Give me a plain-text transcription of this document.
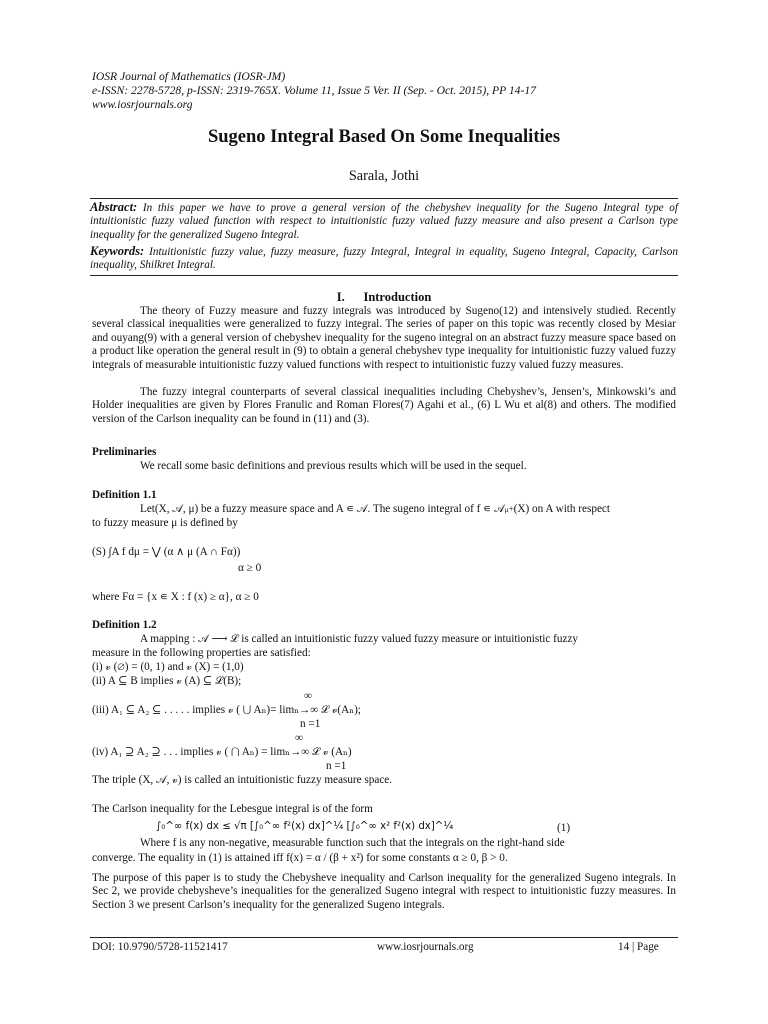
IOSR Journal of Mathematics (IOSR-JM)
e-ISSN: 2278-5728, p-ISSN: 2319-765X. Volume 11, Issue 5 Ver. II (Sep. - Oct. 2015), PP 14-17
www.iosrjournals.org
Sugeno Integral Based On Some Inequalities
Sarala, Jothi
Abstract: In this paper we have to prove a general version of the chebyshev inequality for the Sugeno Integral type of intuitionistic fuzzy valued function with respect to intuitionistic fuzzy valued fuzzy measure and also present a Carlson type inequality for the generalized Sugeno Integral.
Keywords: Intuitionistic fuzzy value, fuzzy measure, fuzzy Integral, Integral in equality, Sugeno Integral, Capacity, Carlson inequality, Shilkret Integral.
I. Introduction
The theory of Fuzzy measure and fuzzy integrals was introduced by Sugeno(12) and intensively studied. Recently several classical inequalities were generalized to fuzzy integral. The series of paper on this topic was recently closed by Mesiar and ouyang(9) with a general version of chebyshev inequality for the sugeno integral on an abstract fuzzy measure space based on a product like operation the general result in (9) to obtain a general chebyshev type inequality for intuitionistic fuzzy valued fuzzy integrals of measurable intuitionistic fuzzy valued functions with respect to intuitionistic fuzzy valued fuzzy measures.
The fuzzy integral counterparts of several classical inequalities including Chebyshev’s, Jensen’s, Minkowski’s and Holder inequalities are given by Flores Franulic and Roman Flores(7) Agahi et al., (6) L Wu et al(8) and others. The modified version of the Carlson inequality can be found in (11) and (3).
Preliminaries
We recall some basic definitions and previous results which will be used in the sequel.
Definition 1.1
Let(X, 𝒜, μ) be a fuzzy measure space and A ∊ 𝒜. The sugeno integral of f ∊ 𝒜$^\mu$+(X) on A with respect
to fuzzy measure μ is defined by
(S) ∫A f dμ = ⋁ (α ∧ μ (A ∩ Fα))
α ≥ 0
where Fα = {x ∊ X : f (x) ≥ α}, α ≥ 0
Definition 1.2
A mapping : 𝒜 ⟶ ℒ is called an intuitionistic fuzzy valued fuzzy measure or intuitionistic fuzzy
measure in the following properties are satisfied:
(i) 𝓋 (∅) = (0, 1) and 𝓋 (X) = (1,0)
(ii) A ⊆ B implies 𝓋 (A) ⊆ ℒ(B);
∞
(iii) A₁ ⊆ A₂ ⊆ . . . . . implies 𝓋 ( ⋃ Aₙ)= limₙ→∞ ℒ 𝓋(Aₙ);
n =1
∞
(iv) A₁ ⊇ A₂ ⊇ . . . implies 𝓋 ( ⋂ Aₙ) = limₙ→∞ ℒ 𝓋 (Aₙ)
n =1
The triple (X, 𝒜, 𝓋) is called an intuitionistic fuzzy measure space.
The Carlson inequality for the Lebesgue integral is of the form
∫₀^∞ f(x) dx ≤ √π [∫₀^∞ f²(x) dx]^¼ [∫₀^∞ x² f²(x) dx]^¼	(1)
Where f is any non-negative, measurable function such that the integrals on the right-hand side
converge. The equality in (1) is attained iff f(x) = α / (β + x²) for some constants α ≥ 0, β > 0.
The purpose of this paper is to study the Chebysheve inequality and Carlson inequality for the generalized Sugeno integrals. In Sec 2, we provide chebysheve’s inequalities for the generalized Sugeno integral with respect to intuitionistic fuzzy measures. In Section 3 we present Carlson’s inequality for the generalized Sugeno integrals.
DOI: 10.9790/5728-11521417	www.iosrjournals.org	14 | Page
